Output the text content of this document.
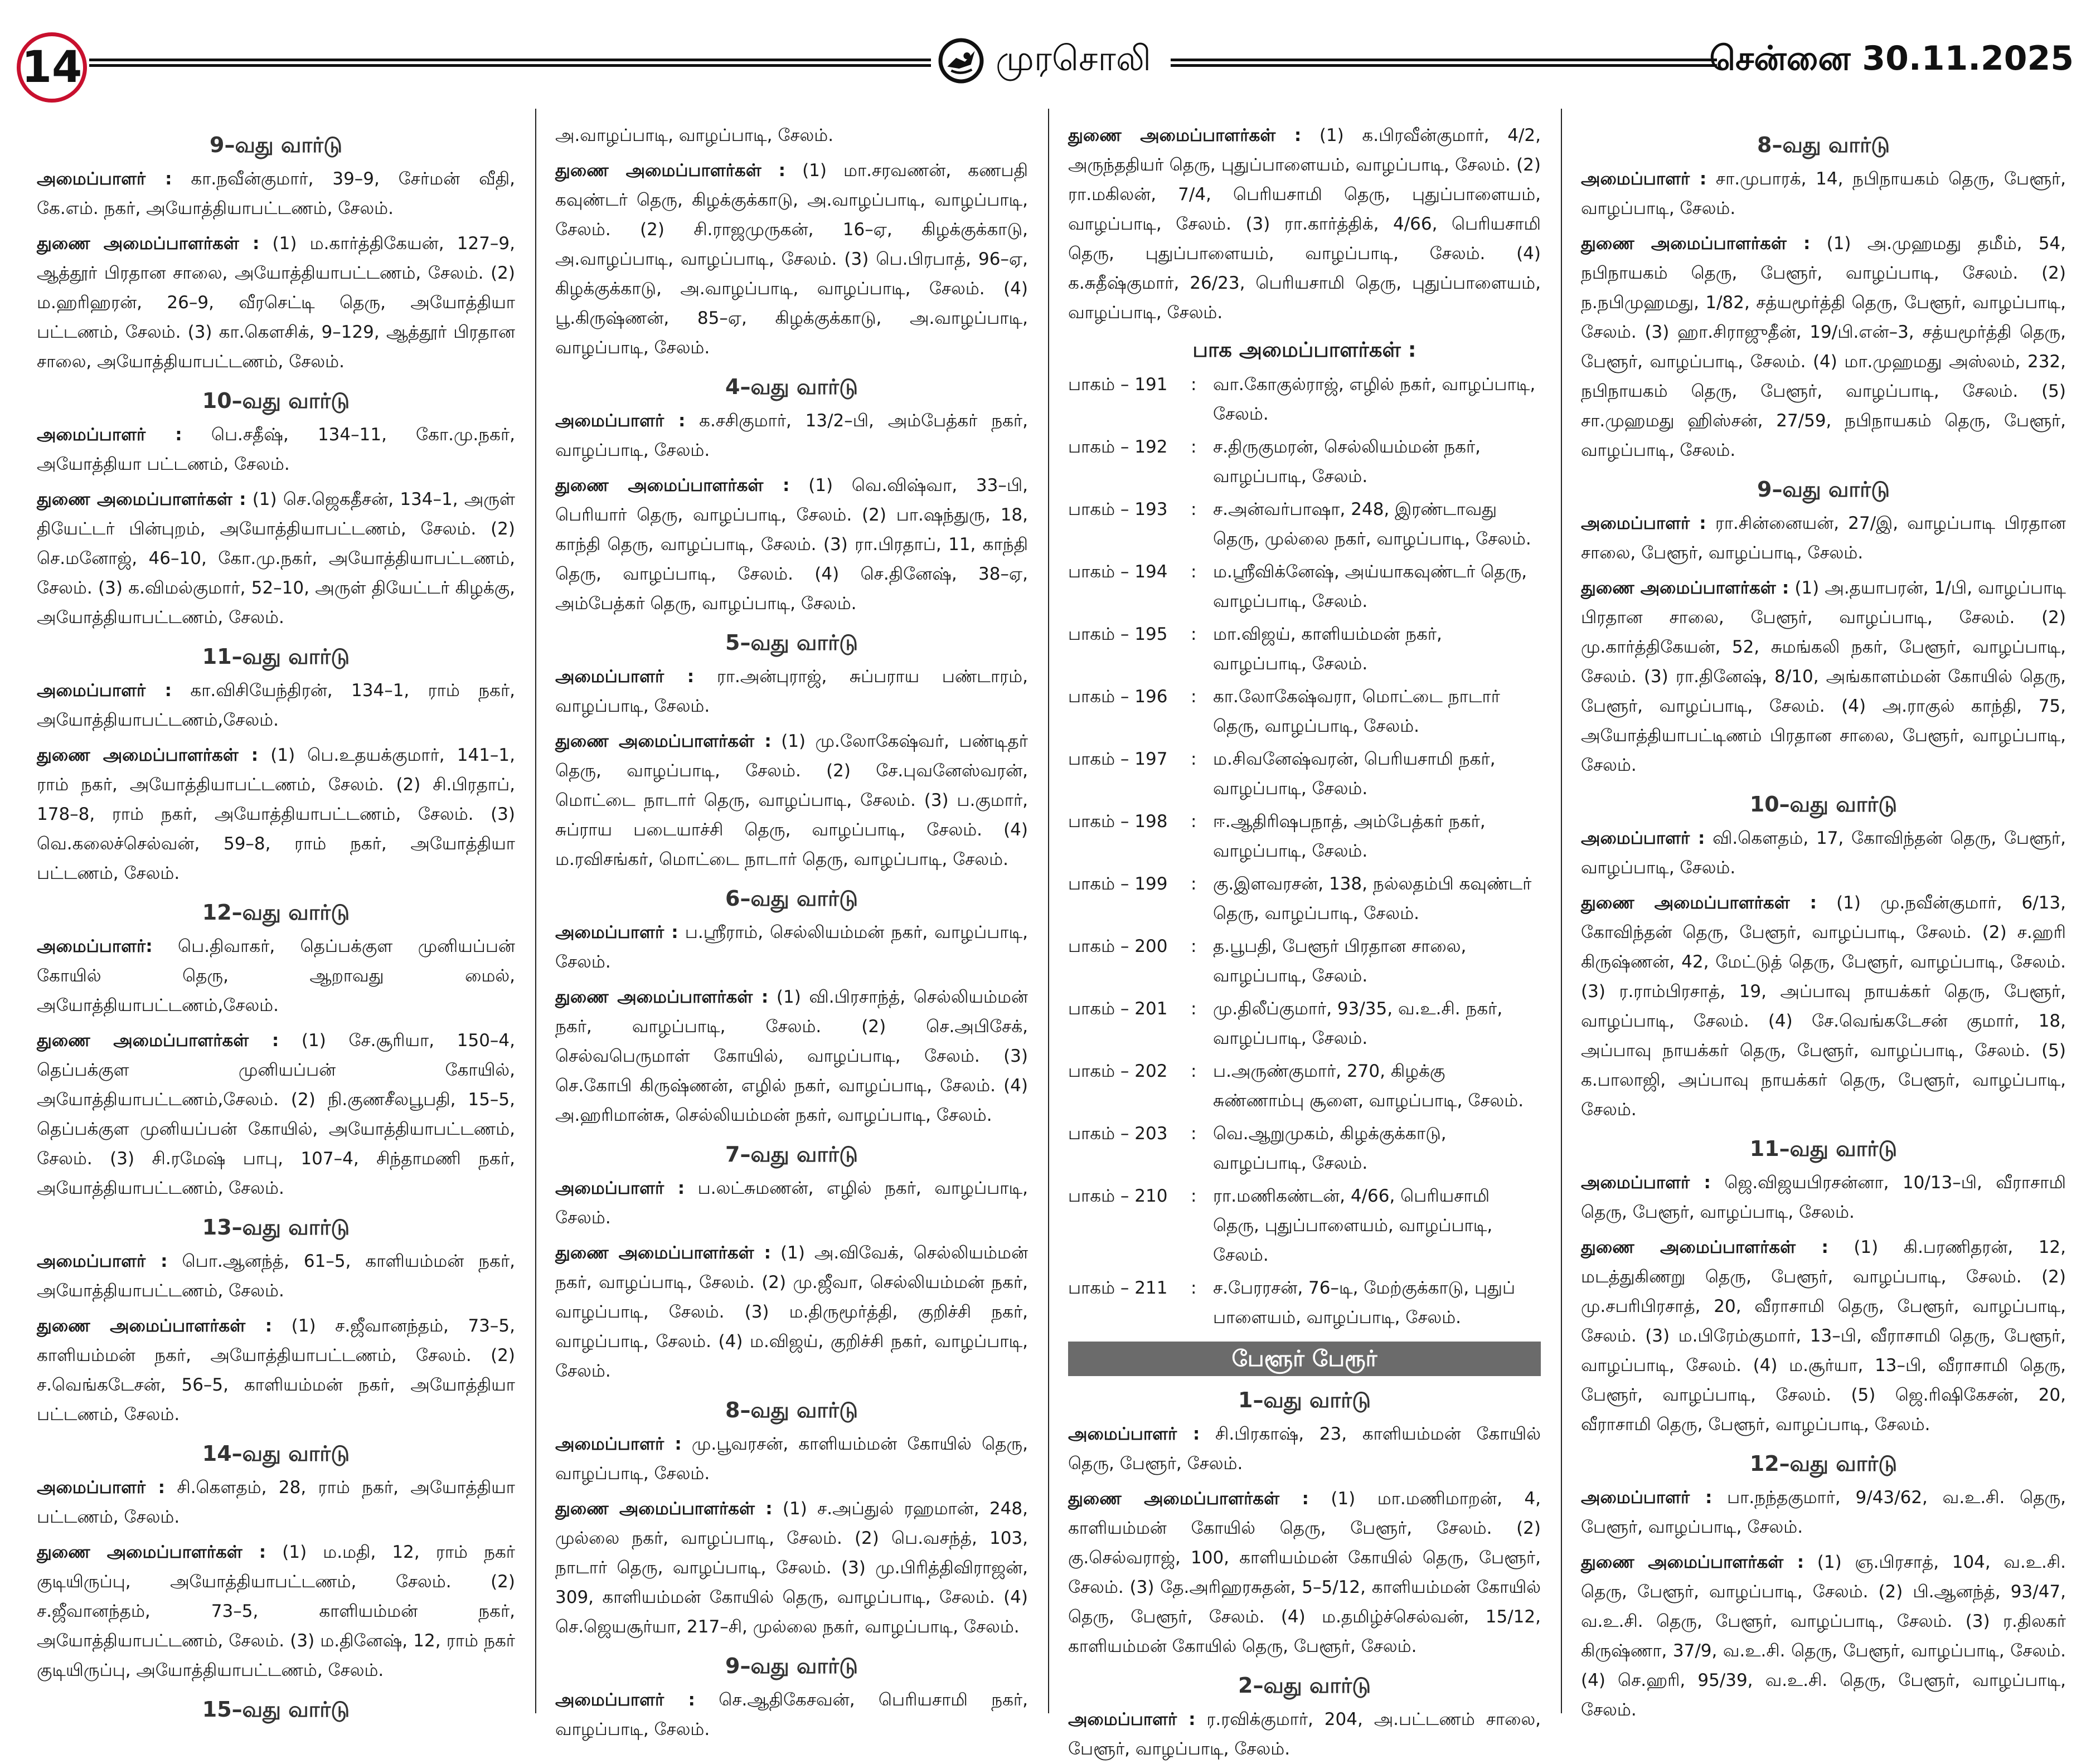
14	முரசொலி	சென்னை 30.11.2025
9–வது வார்டு

அமைப்பாளர் : கா.நவீன்குமார், 39–9, சேர்மன் வீதி, கே.எம். நகர், அயோத்தியாபட்டணம், சேலம்.

துணை அமைப்பாளர்கள் : (1) ம.கார்த்திகேயன், 127–9, ஆத்தூர் பிரதான சாலை, அயோத்தியாபட்டணம், சேலம். (2) ம.ஹரிஹரன், 26–9, வீரசெட்டி தெரு, அயோத்தியா பட்டணம், சேலம். (3) கா.கௌசிக், 9–129, ஆத்தூர் பிரதான சாலை, அயோத்தியாபட்டணம், சேலம்.

10–வது வார்டு

அமைப்பாளர் : பெ.சதீஷ், 134–11, கோ.மு.நகர், அயோத்தியா பட்டணம், சேலம்.

துணை அமைப்பாளர்கள் : (1) செ.ஜெகதீசன், 134–1, அருள் தியேட்டர் பின்புறம், அயோத்தியாபட்டணம், சேலம். (2) செ.மனோஜ், 46–10, கோ.மு.நகர், அயோத்தியாபட்டணம், சேலம். (3) க.விமல்குமார், 52–10, அருள் தியேட்டர் கிழக்கு, அயோத்தியாபட்டணம், சேலம்.

11–வது வார்டு

அமைப்பாளர் : கா.விசியேந்திரன், 134–1, ராம் நகர், அயோத்தியாபட்டணம்,சேலம்.

துணை அமைப்பாளர்கள் : (1) பெ.உதயக்குமார், 141–1, ராம் நகர், அயோத்தியாபட்டணம், சேலம். (2) சி.பிரதாப், 178–8, ராம் நகர், அயோத்தியாபட்டணம், சேலம். (3) வெ.கலைச்செல்வன், 59–8, ராம் நகர், அயோத்தியா பட்டணம், சேலம்.

12–வது வார்டு

அமைப்பாளர்: பெ.திவாகர், தெப்பக்குள முனியப்பன் கோயில் தெரு, ஆறாவது மைல், அயோத்தியாபட்டணம்,சேலம்.

துணை அமைப்பாளர்கள் : (1) சே.சூரியா, 150–4, தெப்பக்குள முனியப்பன் கோயில், அயோத்தியாபட்டணம்,சேலம். (2) நி.குணசீலபூபதி, 15–5, தெப்பக்குள முனியப்பன் கோயில், அயோத்தியாபட்டணம், சேலம். (3) சி.ரமேஷ் பாபு, 107–4, சிந்தாமணி நகர், அயோத்தியாபட்டணம், சேலம்.

13–வது வார்டு

அமைப்பாளர் : பொ.ஆனந்த், 61–5, காளியம்மன் நகர், அயோத்தியாபட்டணம், சேலம்.

துணை அமைப்பாளர்கள் : (1) ச.ஜீவானந்தம், 73–5, காளியம்மன் நகர், அயோத்தியாபட்டணம், சேலம். (2) ச.வெங்கடேசன், 56–5, காளியம்மன் நகர், அயோத்தியா பட்டணம், சேலம்.

14–வது வார்டு

அமைப்பாளர் : சி.கௌதம், 28, ராம் நகர், அயோத்தியா பட்டணம், சேலம்.

துணை அமைப்பாளர்கள் : (1) ம.மதி, 12, ராம் நகர் குடியிருப்பு, அயோத்தியாபட்டணம், சேலம். (2) ச.ஜீவானந்தம், 73–5, காளியம்மன் நகர், அயோத்தியாபட்டணம், சேலம். (3) ம.தினேஷ், 12, ராம் நகர் குடியிருப்பு, அயோத்தியாபட்டணம், சேலம்.

15–வது வார்டு

அ.வாழப்பாடி, வாழப்பாடி, சேலம்.

துணை அமைப்பாளர்கள் : (1) மா.சரவணன், கணபதி கவுண்டர் தெரு, கிழக்குக்காடு, அ.வாழப்பாடி, வாழப்பாடி, சேலம். (2) சி.ராஜமுருகன், 16–ஏ, கிழக்குக்காடு, அ.வாழப்பாடி, வாழப்பாடி, சேலம். (3) பெ.பிரபாத், 96–ஏ, கிழக்குக்காடு, அ.வாழப்பாடி, வாழப்பாடி, சேலம். (4) பூ.கிருஷ்ணன், 85–ஏ, கிழக்குக்காடு, அ.வாழப்பாடி, வாழப்பாடி, சேலம்.

4–வது வார்டு

அமைப்பாளர் : க.சசிகுமார், 13/2–பி, அம்பேத்கர் நகர், வாழப்பாடி, சேலம்.

துணை அமைப்பாளர்கள் : (1) வெ.விஷ்வா, 33–பி, பெரியார் தெரு, வாழப்பாடி, சேலம். (2) பா.ஷந்துரு, 18, காந்தி தெரு, வாழப்பாடி, சேலம். (3) ரா.பிரதாப், 11, காந்தி தெரு, வாழப்பாடி, சேலம். (4) செ.தினேஷ், 38–ஏ, அம்பேத்கர் தெரு, வாழப்பாடி, சேலம்.

5–வது வார்டு

அமைப்பாளர் : ரா.அன்புராஜ், சுப்பராய பண்டாரம், வாழப்பாடி, சேலம்.

துணை அமைப்பாளர்கள் : (1) மு.லோகேஷ்வர், பண்டிதர் தெரு, வாழப்பாடி, சேலம். (2) சே.புவனேஸ்வரன், மொட்டை நாடார் தெரு, வாழப்பாடி, சேலம். (3) ப.குமார், சுப்ராய படையாச்சி தெரு, வாழப்பாடி, சேலம். (4) ம.ரவிசங்கர், மொட்டை நாடார் தெரு, வாழப்பாடி, சேலம்.

6–வது வார்டு

அமைப்பாளர் : ப.ஸ்ரீராம், செல்லியம்மன் நகர், வாழப்பாடி, சேலம்.

துணை அமைப்பாளர்கள் : (1) வி.பிரசாந்த், செல்லியம்மன் நகர், வாழப்பாடி, சேலம். (2) செ.அபிசேக், செல்வபெருமாள் கோயில், வாழப்பாடி, சேலம். (3) செ.கோபி கிருஷ்ணன், எழில் நகர், வாழப்பாடி, சேலம். (4) அ.ஹரிமான்சு, செல்லியம்மன் நகர், வாழப்பாடி, சேலம்.

7–வது வார்டு

அமைப்பாளர் : ப.லட்சுமணன், எழில் நகர், வாழப்பாடி, சேலம்.

துணை அமைப்பாளர்கள் : (1) அ.விவேக், செல்லியம்மன் நகர், வாழப்பாடி, சேலம். (2) மு.ஜீவா, செல்லியம்மன் நகர், வாழப்பாடி, சேலம். (3) ம.திருமூர்த்தி, குறிச்சி நகர், வாழப்பாடி, சேலம். (4) ம.விஜய், குறிச்சி நகர், வாழப்பாடி, சேலம்.

8–வது வார்டு

அமைப்பாளர் : மு.பூவரசன், காளியம்மன் கோயில் தெரு, வாழப்பாடி, சேலம்.

துணை அமைப்பாளர்கள் : (1) ச.அப்துல் ரஹமான், 248, முல்லை நகர், வாழப்பாடி, சேலம். (2) பெ.வசந்த், 103, நாடார் தெரு, வாழப்பாடி, சேலம். (3) மு.பிரித்திவிராஜன், 309, காளியம்மன் கோயில் தெரு, வாழப்பாடி, சேலம். (4) செ.ஜெயசூர்யா, 217–சி, முல்லை நகர், வாழப்பாடி, சேலம்.

9–வது வார்டு

அமைப்பாளர் : செ.ஆதிகேசவன், பெரியசாமி நகர், வாழப்பாடி, சேலம்.

துணை அமைப்பாளர்கள் : (1) க.பிரவீன்குமார், 4/2, அருந்ததியர் தெரு, புதுப்பாளையம், வாழப்பாடி, சேலம். (2) ரா.மகிலன், 7/4, பெரியசாமி தெரு, புதுப்பாளையம், வாழப்பாடி, சேலம். (3) ரா.கார்த்திக், 4/66, பெரியசாமி தெரு, புதுப்பாளையம், வாழப்பாடி, சேலம். (4) க.சுதீஷ்குமார், 26/23, பெரியசாமி தெரு, புதுப்பாளையம், வாழப்பாடி, சேலம்.

பாக அமைப்பாளர்கள் :
பாகம் – 191	: வா.கோகுல்ராஜ், எழில் நகர், வாழப்பாடி, சேலம்.
பாகம் – 192	: ச.திருகுமரன், செல்லியம்மன் நகர், வாழப்பாடி, சேலம்.
பாகம் – 193	: ச.அன்வர்பாஷா, 248, இரண்டாவது தெரு, முல்லை நகர், வாழப்பாடி, சேலம்.
பாகம் – 194	: ம.ஸ்ரீவிக்னேஷ், அய்யாகவுண்டர் தெரு, வாழப்பாடி, சேலம்.
பாகம் – 195	: மா.விஜய், காளியம்மன் நகர், வாழப்பாடி, சேலம்.
பாகம் – 196	: கா.லோகேஷ்வரா, மொட்டை நாடார் தெரு, வாழப்பாடி, சேலம்.
பாகம் – 197	: ம.சிவனேஷ்வரன், பெரியசாமி நகர், வாழப்பாடி, சேலம்.
பாகம் – 198	: ஈ.ஆதிரிஷபநாத், அம்பேத்கர் நகர், வாழப்பாடி, சேலம்.
பாகம் – 199	: கு.இளவரசன், 138, நல்லதம்பி கவுண்டர் தெரு, வாழப்பாடி, சேலம்.
பாகம் – 200	: த.பூபதி, பேளூர் பிரதான சாலை, வாழப்பாடி, சேலம்.
பாகம் – 201	: மு.திலீப்குமார், 93/35, வ.உ.சி. நகர், வாழப்பாடி, சேலம்.
பாகம் – 202	: ப.அருண்குமார், 270, கிழக்கு சுண்ணாம்பு சூளை, வாழப்பாடி, சேலம்.
பாகம் – 203	: வெ.ஆறுமுகம், கிழக்குக்காடு, வாழப்பாடி, சேலம்.
பாகம் – 210	: ரா.மணிகண்டன், 4/66, பெரியசாமி தெரு, புதுப்பாளையம், வாழப்பாடி, சேலம்.
பாகம் – 211	: ச.பேரரசன், 76–டி, மேற்குக்காடு, புதுப் பாளையம், வாழப்பாடி, சேலம்.
பேளூர் பேரூர்
1–வது வார்டு

அமைப்பாளர் : சி.பிரகாஷ், 23, காளியம்மன் கோயில் தெரு, பேளூர், சேலம்.

துணை அமைப்பாளர்கள் : (1) மா.மணிமாறன், 4, காளியம்மன் கோயில் தெரு, பேளூர், சேலம். (2) கு.செல்வராஜ், 100, காளியம்மன் கோயில் தெரு, பேளூர், சேலம். (3) தே.அரிஹரசுதன், 5–5/12, காளியம்மன் கோயில் தெரு, பேளூர், சேலம். (4) ம.தமிழ்ச்செல்வன், 15/12, காளியம்மன் கோயில் தெரு, பேளூர், சேலம்.

2–வது வார்டு

அமைப்பாளர் : ர.ரவிக்குமார், 204, அ.பட்டணம் சாலை, பேளூர், வாழப்பாடி, சேலம்.

8–வது வார்டு

அமைப்பாளர் : சா.முபாரக், 14, நபிநாயகம் தெரு, பேளூர், வாழப்பாடி, சேலம்.

துணை அமைப்பாளர்கள் : (1) அ.முஹமது தமீம், 54, நபிநாயகம் தெரு, பேளூர், வாழப்பாடி, சேலம். (2) ந.நபிமுஹமது, 1/82, சத்யமூர்த்தி தெரு, பேளூர், வாழப்பாடி, சேலம். (3) ஹா.சிராஜுதீன், 19/பி.என்–3, சத்யமூர்த்தி தெரு, பேளூர், வாழப்பாடி, சேலம். (4) மா.முஹமது அஸ்லம், 232, நபிநாயகம் தெரு, பேளூர், வாழப்பாடி, சேலம். (5) சா.முஹமது ஹிஸ்சன், 27/59, நபிநாயகம் தெரு, பேளூர், வாழப்பாடி, சேலம்.

9–வது வார்டு

அமைப்பாளர் : ரா.சின்னையன், 27/இ, வாழப்பாடி பிரதான சாலை, பேளூர், வாழப்பாடி, சேலம்.

துணை அமைப்பாளர்கள் : (1) அ.தயாபரன், 1/பி, வாழப்பாடி பிரதான சாலை, பேளூர், வாழப்பாடி, சேலம். (2) மு.கார்த்திகேயன், 52, சுமங்கலி நகர், பேளூர், வாழப்பாடி, சேலம். (3) ரா.தினேஷ், 8/10, அங்காளம்மன் கோயில் தெரு, பேளூர், வாழப்பாடி, சேலம். (4) அ.ராகுல் காந்தி, 75, அயோத்தியாபட்டிணம் பிரதான சாலை, பேளூர், வாழப்பாடி, சேலம்.

10–வது வார்டு

அமைப்பாளர் : வி.கௌதம், 17, கோவிந்தன் தெரு, பேளூர், வாழப்பாடி, சேலம்.

துணை அமைப்பாளர்கள் : (1) மு.நவீன்குமார், 6/13, கோவிந்தன் தெரு, பேளூர், வாழப்பாடி, சேலம். (2) ச.ஹரி கிருஷ்ணன், 42, மேட்டுத் தெரு, பேளூர், வாழப்பாடி, சேலம். (3) ர.ராம்பிரசாத், 19, அப்பாவு நாயக்கர் தெரு, பேளூர், வாழப்பாடி, சேலம். (4) சே.வெங்கடேசன் குமார், 18, அப்பாவு நாயக்கர் தெரு, பேளூர், வாழப்பாடி, சேலம். (5) க.பாலாஜி, அப்பாவு நாயக்கர் தெரு, பேளூர், வாழப்பாடி, சேலம்.

11–வது வார்டு

அமைப்பாளர் : ஜெ.விஜயபிரசன்னா, 10/13–பி, வீராசாமி தெரு, பேளூர், வாழப்பாடி, சேலம்.

துணை அமைப்பாளர்கள் : (1) கி.பரணிதரன், 12, மடத்துகிணறு தெரு, பேளூர், வாழப்பாடி, சேலம். (2) மு.சபரிபிரசாத், 20, வீராசாமி தெரு, பேளூர், வாழப்பாடி, சேலம். (3) ம.பிரேம்குமார், 13–பி, வீராசாமி தெரு, பேளூர், வாழப்பாடி, சேலம். (4) ம.சூர்யா, 13–பி, வீராசாமி தெரு, பேளூர், வாழப்பாடி, சேலம். (5) ஜெ.ரிஷிகேசன், 20, வீராசாமி தெரு, பேளூர், வாழப்பாடி, சேலம்.

12–வது வார்டு

அமைப்பாளர் : பா.நந்தகுமார், 9/43/62, வ.உ.சி. தெரு, பேளூர், வாழப்பாடி, சேலம்.

துணை அமைப்பாளர்கள் : (1) ஞ.பிரசாத், 104, வ.உ.சி. தெரு, பேளூர், வாழப்பாடி, சேலம். (2) பி.ஆனந்த், 93/47, வ.உ.சி. தெரு, பேளூர், வாழப்பாடி, சேலம். (3) ர.திலகர் கிருஷ்ணா, 37/9, வ.உ.சி. தெரு, பேளூர், வாழப்பாடி, சேலம். (4) செ.ஹரி, 95/39, வ.உ.சி. தெரு, பேளூர், வாழப்பாடி, சேலம்.
